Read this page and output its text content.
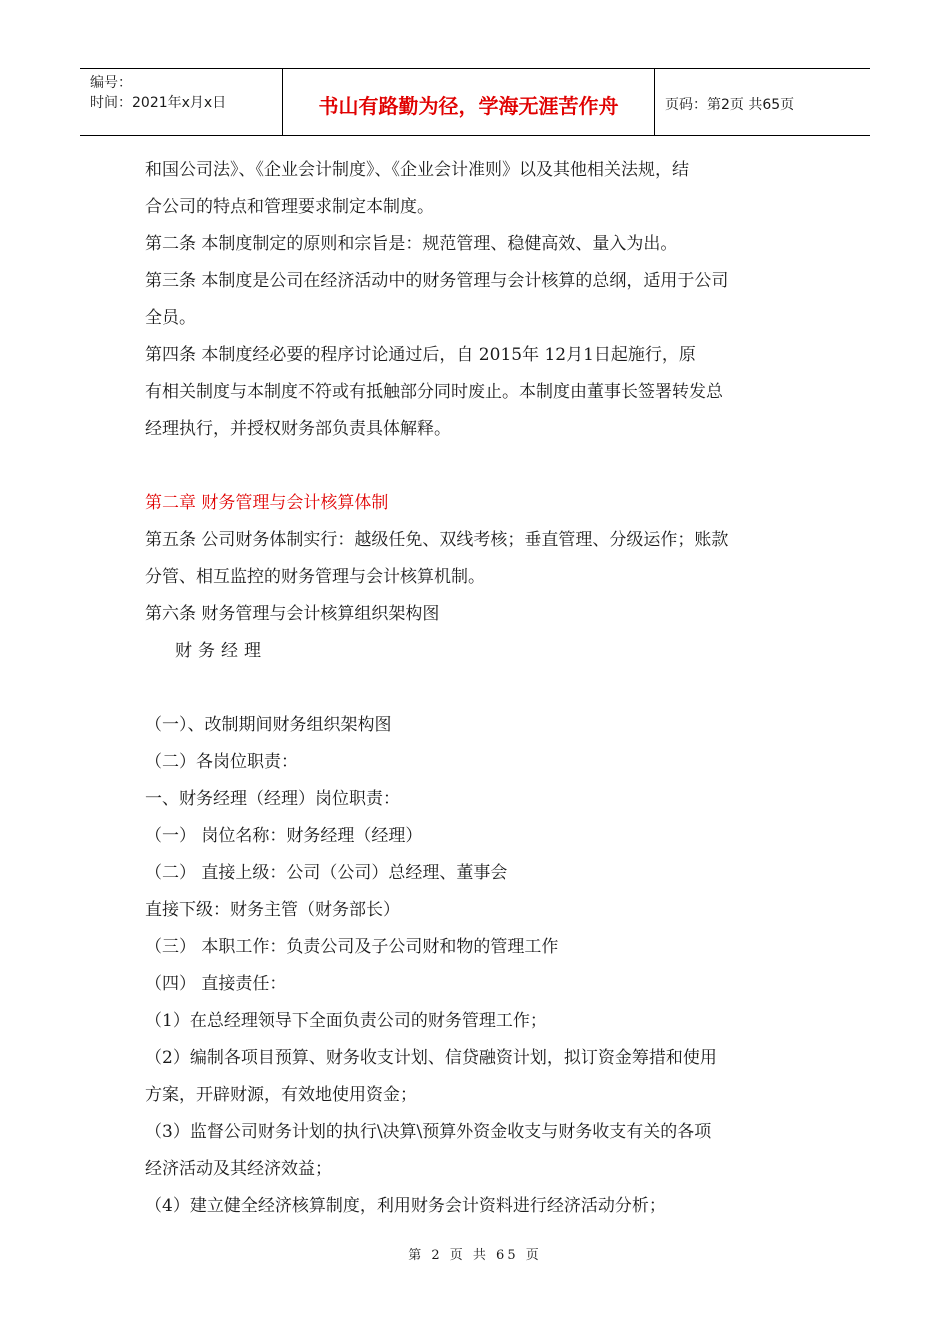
编号：
时间：2021年x月x日	书山有路勤为径，学海无涯苦作舟	页码：第2页 共65页
和国公司法》、《企业会计制度》、《企业会计准则》以及其他相关法规，结
合公司的特点和管理要求制定本制度。
第二条 本制度制定的原则和宗旨是：规范管理、稳健高效、量入为出。
第三条 本制度是公司在经济活动中的财务管理与会计核算的总纲，适用于公司
全员。
第四条 本制度经必要的程序讨论通过后，自 2015年 12月1日起施行，原
有相关制度与本制度不符或有抵触部分同时废止。本制度由董事长签署转发总
经理执行，并授权财务部负责具体解释。
第二章 财务管理与会计核算体制
第五条 公司财务体制实行：越级任免、双线考核；垂直管理、分级运作；账款
分管、相互监控的财务管理与会计核算机制。
第六条 财务管理与会计核算组织架构图
财务经理
（一）、改制期间财务组织架构图
（二）各岗位职责：
一、财务经理（经理）岗位职责：
（一） 岗位名称：财务经理（经理）
（二） 直接上级：公司（公司）总经理、董事会
直接下级：财务主管（财务部长）
（三） 本职工作：负责公司及子公司财和物的管理工作
（四） 直接责任：
（1）在总经理领导下全面负责公司的财务管理工作；
（2）编制各项目预算、财务收支计划、信贷融资计划，拟订资金筹措和使用
方案，开辟财源，有效地使用资金；
（3）监督公司财务计划的执行\决算\预算外资金收支与财务收支有关的各项
经济活动及其经济效益；
（4）建立健全经济核算制度，利用财务会计资料进行经济活动分析；
第 2 页 共 65 页
